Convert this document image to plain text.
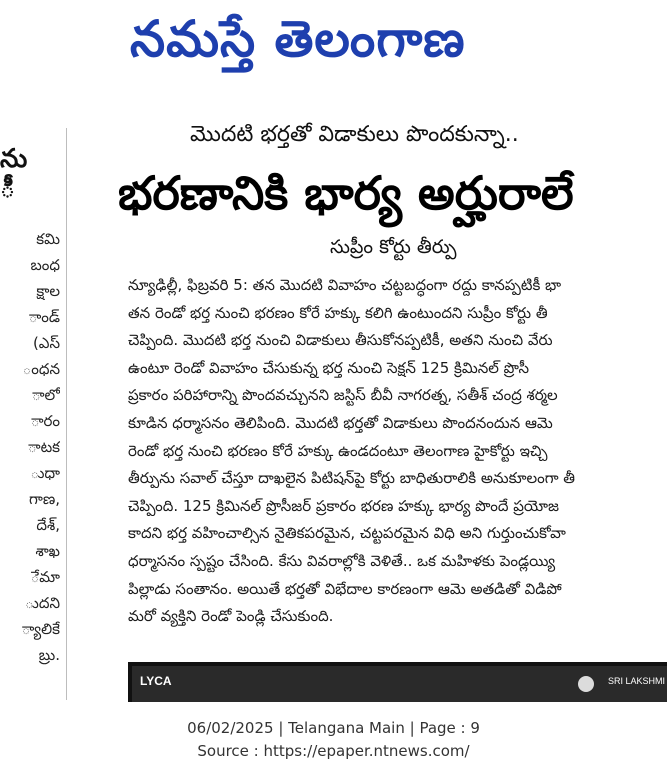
నమస్తే తెలంగాణ
ను
ీ
కమి
బంధ
క్షాల
ాండ్
(ఎస్
ంధన
ాలో
ారం
ాటక
ుధా
గాణ,
దేశ్,
శాఖ
ేమా
ుదని
్యాలికే
బ్రు.
మొదటి భర్తతో విడాకులు పొందకున్నా..
భరణానికి భార్య అర్హురాలే
సుప్రీం కోర్టు తీర్పు
న్యూఢిల్లీ, ఫిబ్రవరి 5: తన మొదటి వివాహం చట్టబద్ధంగా రద్దు కానప్పటికీ భా
తన రెండో భర్త నుంచి భరణం కోరే హక్కు కలిగి ఉంటుందని సుప్రీం కోర్టు తీ
చెప్పింది. మొదటి భర్త నుంచి విడాకులు తీసుకోనప్పటికీ, అతని నుంచి వేరు
ఉంటూ రెండో వివాహం చేసుకున్న భర్త నుంచి సెక్షన్ 125 క్రిమినల్ ప్రొసీ
ప్రకారం పరిహారాన్ని పొందవచ్చునని జస్టిస్ బీవీ నాగరత్న, సతీశ్ చంద్ర శర్మల
కూడిన ధర్మాసనం తెలిపింది. మొదటి భర్తతో విడాకులు పొందనందున ఆమె
రెండో భర్త నుంచి భరణం కోరే హక్కు ఉండదంటూ తెలంగాణ హైకోర్టు ఇచ్చి
తీర్పును సవాల్ చేస్తూ దాఖలైన పిటిషన్‌పై కోర్టు బాధితురాలికి అనుకూలంగా తీ
చెప్పింది. 125 క్రిమినల్ ప్రొసీజర్ ప్రకారం భరణ హక్కు భార్య పొందే ప్రయోజ
కాదని భర్త వహించాల్సిన నైతికపరమైన, చట్టపరమైన విధి అని గుర్తుంచుకోవా
ధర్మాసనం స్పష్టం చేసింది. కేసు వివరాల్లోకి వెళితే.. ఒక మహిళకు పెండ్లయ్యి
పిల్లాడు సంతానం. అయితే భర్తతో విభేదాల కారణంగా ఆమె అతడితో విడిపో
మరో వ్యక్తిని రెండో పెండ్లి చేసుకుంది.
LYCA	SRI LAKSHMI
06/02/2025 | Telangana Main | Page : 9
Source : https://epaper.ntnews.com/
